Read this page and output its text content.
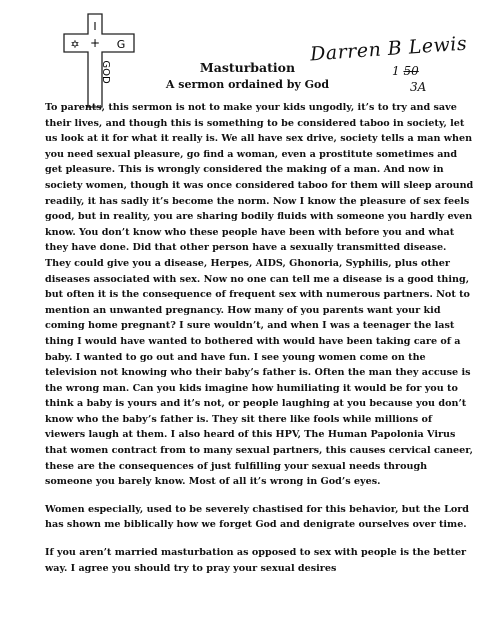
I
✡ + G
GOD	Masturbation
A sermon ordained by God
Darren B Lewis
1 50
3A

To parents, this sermon is not to make your kids ungodly, it’s to try and save their lives, and though this is something to be considered taboo in society, let us look at it for what it really is. We all have sex drive, society tells a man when you need sexual pleasure, go find a woman, even a prostitute sometimes and get pleasure. This is wrongly considered the making of a man. And now in society women, though it was once considered taboo for them will sleep around readily, it has sadly it’s become the norm. Now I know the pleasure of sex feels good, but in reality, you are sharing bodily fluids with someone you hardly even know. You don’t know who these people have been with before you and what they have done. Did that other person have a sexually transmitted disease. They could give you a disease, Herpes, AIDS, Ghonoria, Syphilis, plus other diseases associated with sex. Now no one can tell me a disease is a good thing, but often it is the consequence of frequent sex with numerous partners. Not to mention an unwanted pregnancy. How many of you parents want your kid coming home pregnant? I sure wouldn’t, and when I was a teenager the last thing I would have wanted to bothered with would have been taking care of a baby. I wanted to go out and have fun. I see young women come on the television not knowing who their baby’s father is. Often the man they accuse is the wrong man. Can you kids imagine how humiliating it would be for you to think a baby is yours and it’s not, or people laughing at you because you don’t know who the baby’s father is. They sit there like fools while millions of viewers laugh at them. I also heard of this HPV, The Human Papolonia Virus that women contract from to many sexual partners, this causes cervical caneer, these are the consequences of just fulfilling your sexual needs through someone you barely know. Most of all it’s wrong in God’s eyes.

Women especially, used to be severely chastised for this behavior, but the Lord has shown me biblically how we forget God and denigrate ourselves over time.

If you aren’t married masturbation as opposed to sex with people is the better way. I agree you should try to pray your sexual desires
